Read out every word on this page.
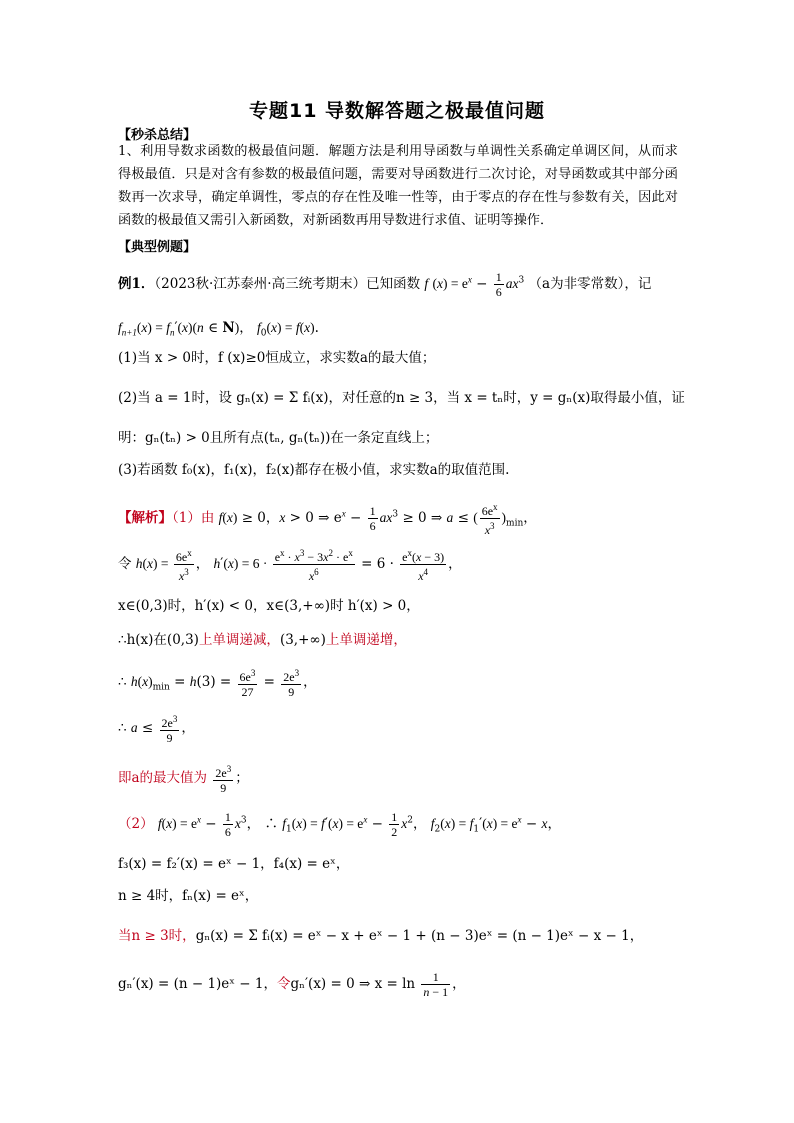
专题11 导数解答题之极最值问题
【秒杀总结】
1、利用导数求函数的极最值问题．解题方法是利用导函数与单调性关系确定单调区间，从而求得极最值．只是对含有参数的极最值问题，需要对导函数进行二次讨论，对导函数或其中部分函数再一次求导，确定单调性，零点的存在性及唯一性等，由于零点的存在性与参数有关，因此对函数的极最值又需引入新函数，对新函数再用导数进行求值、证明等操作．
【典型例题】
例1．（2023秋·江苏泰州·高三统考期末）已知函数 f $(x) = e^x - \frac{1}{6} ax^3$ （a为非零常数），记
$f_{n+1}(x) = f_n'(x)(n$ ∈ N)， $f_0(x) = f(x)$.
(1)当 x > 0时，f (x)≥0恒成立，求实数a的最大值；
(2)当 a = 1时，设 gₙ(x) = Σ fᵢ(x)，对任意的n ≥ 3，当 x = tₙ时，y = gₙ(x)取得最小值，证
明：gₙ(tₙ) > 0且所有点(tₙ, gₙ(tₙ))在一条定直线上；
(3)若函数 f₀(x)，f₁(x)，f₂(x)都存在极小值，求实数a的取值范围.
【解析】（1）由 f(x) ≥ 0，x > 0 ⇒ $e^x - \frac{1}{6} ax^3 \ge 0$ ⇒ a ≤ ( $\frac{6e^x}{x^3} )_{min}$，
令 $h(x) = \frac{6e^x}{x^3}$ ， $h'(x) = 6 \cdot \frac{e^x \cdot x^3 - 3x^2 \cdot e^x}{x^6} = 6 \cdot \frac{e^x(x - 3)}{x^4}$ ，
x∈(0,3)时，h′(x) < 0，x∈(3,+∞)时 h′(x) > 0，
∴h(x)在(0,3)上单调递减，(3,+∞)上单调递增，
∴ $h(x)_{min} = h(3) = \frac{6e^3}{27} = \frac{2e^3}{9}$ ，
∴ $a \le \frac{2e^3}{9}$ ，
即a的最大值为 $\frac{2e^3}{9}$ ；
（2） $f(x) = e^x - \frac{1}{6} x^3$， ∴ $f_1(x) = f'(x) = e^x - \frac{1}{2} x^2$， $f_2(x) = f_1'(x) = e^x - x$，
f₃(x) = f₂′(x) = eˣ − 1，f₄(x) = eˣ，
n ≥ 4时，fₙ(x) = eˣ，
当n ≥ 3时，gₙ(x) = Σ fᵢ(x) = eˣ − x + eˣ − 1 + (n − 3)eˣ = (n − 1)eˣ − x − 1，
gₙ′(x) = (n − 1)eˣ − 1，令gₙ′(x) = 0 ⇒ $x = \ln \frac{1}{n - 1}$ ，
